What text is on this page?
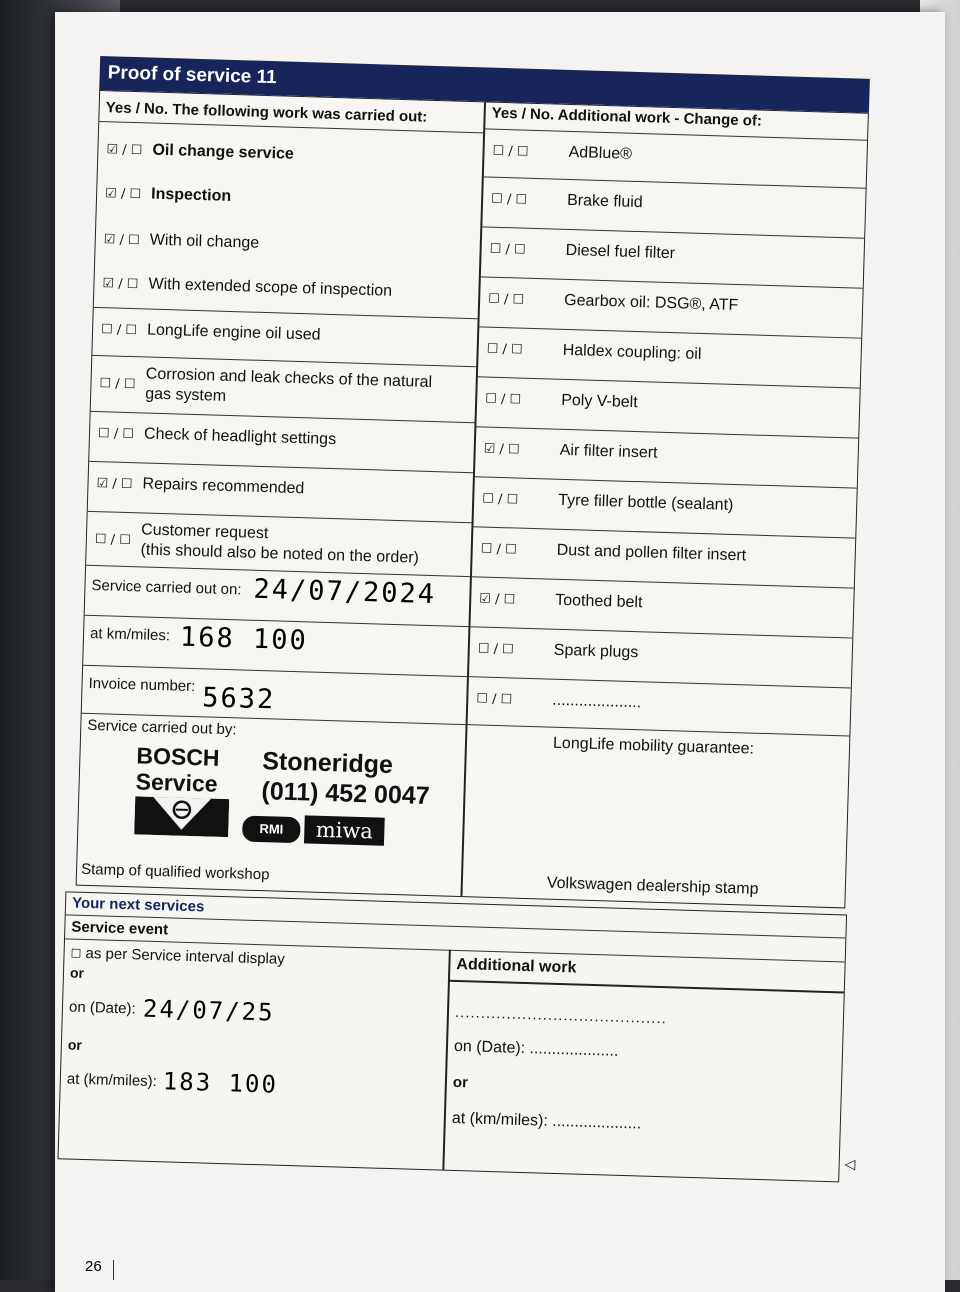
Proof of service 11
Yes / No. The following work was carried out:	Yes / No. Additional work - Change of:
☑ / ☐ Oil change service
☑ / ☐ Inspection
☑ / ☐ With oil change
☑ / ☐ With extended scope of inspection
☐ / ☐ LongLife engine oil used
☐ / ☐ Corrosion and leak checks of the natural
gas system
☐ / ☐ Check of headlight settings
☑ / ☐ Repairs recommended
☐ / ☐ Customer request
(this should also be noted on the order)
Service carried out on: 24/07/2024
at km/miles: 168 100
Invoice number: 5632
Service carried out by:
BOSCH
Service
Stoneridge
(011) 452 0047
RMI	miwa
Stamp of qualified workshop
☐ / ☐	AdBlue®
☐ / ☐	Brake fluid
☐ / ☐	Diesel fuel filter
☐ / ☐	Gearbox oil: DSG®, ATF
☐ / ☐	Haldex coupling: oil
☐ / ☐	Poly V-belt
☑ / ☐	Air filter insert
☐ / ☐	Tyre filler bottle (sealant)
☐ / ☐	Dust and pollen filter insert
☑ / ☐	Toothed belt
☐ / ☐	Spark plugs
☐ / ☐	....................
LongLife mobility guarantee:
Volkswagen dealership stamp
Your next services
Service event
Additional work
☐ as per Service interval display
or
on (Date): 24/07/25
or
at (km/miles): 183 100
.........................................
on (Date): ....................
or
at (km/miles): ....................
◁
26
